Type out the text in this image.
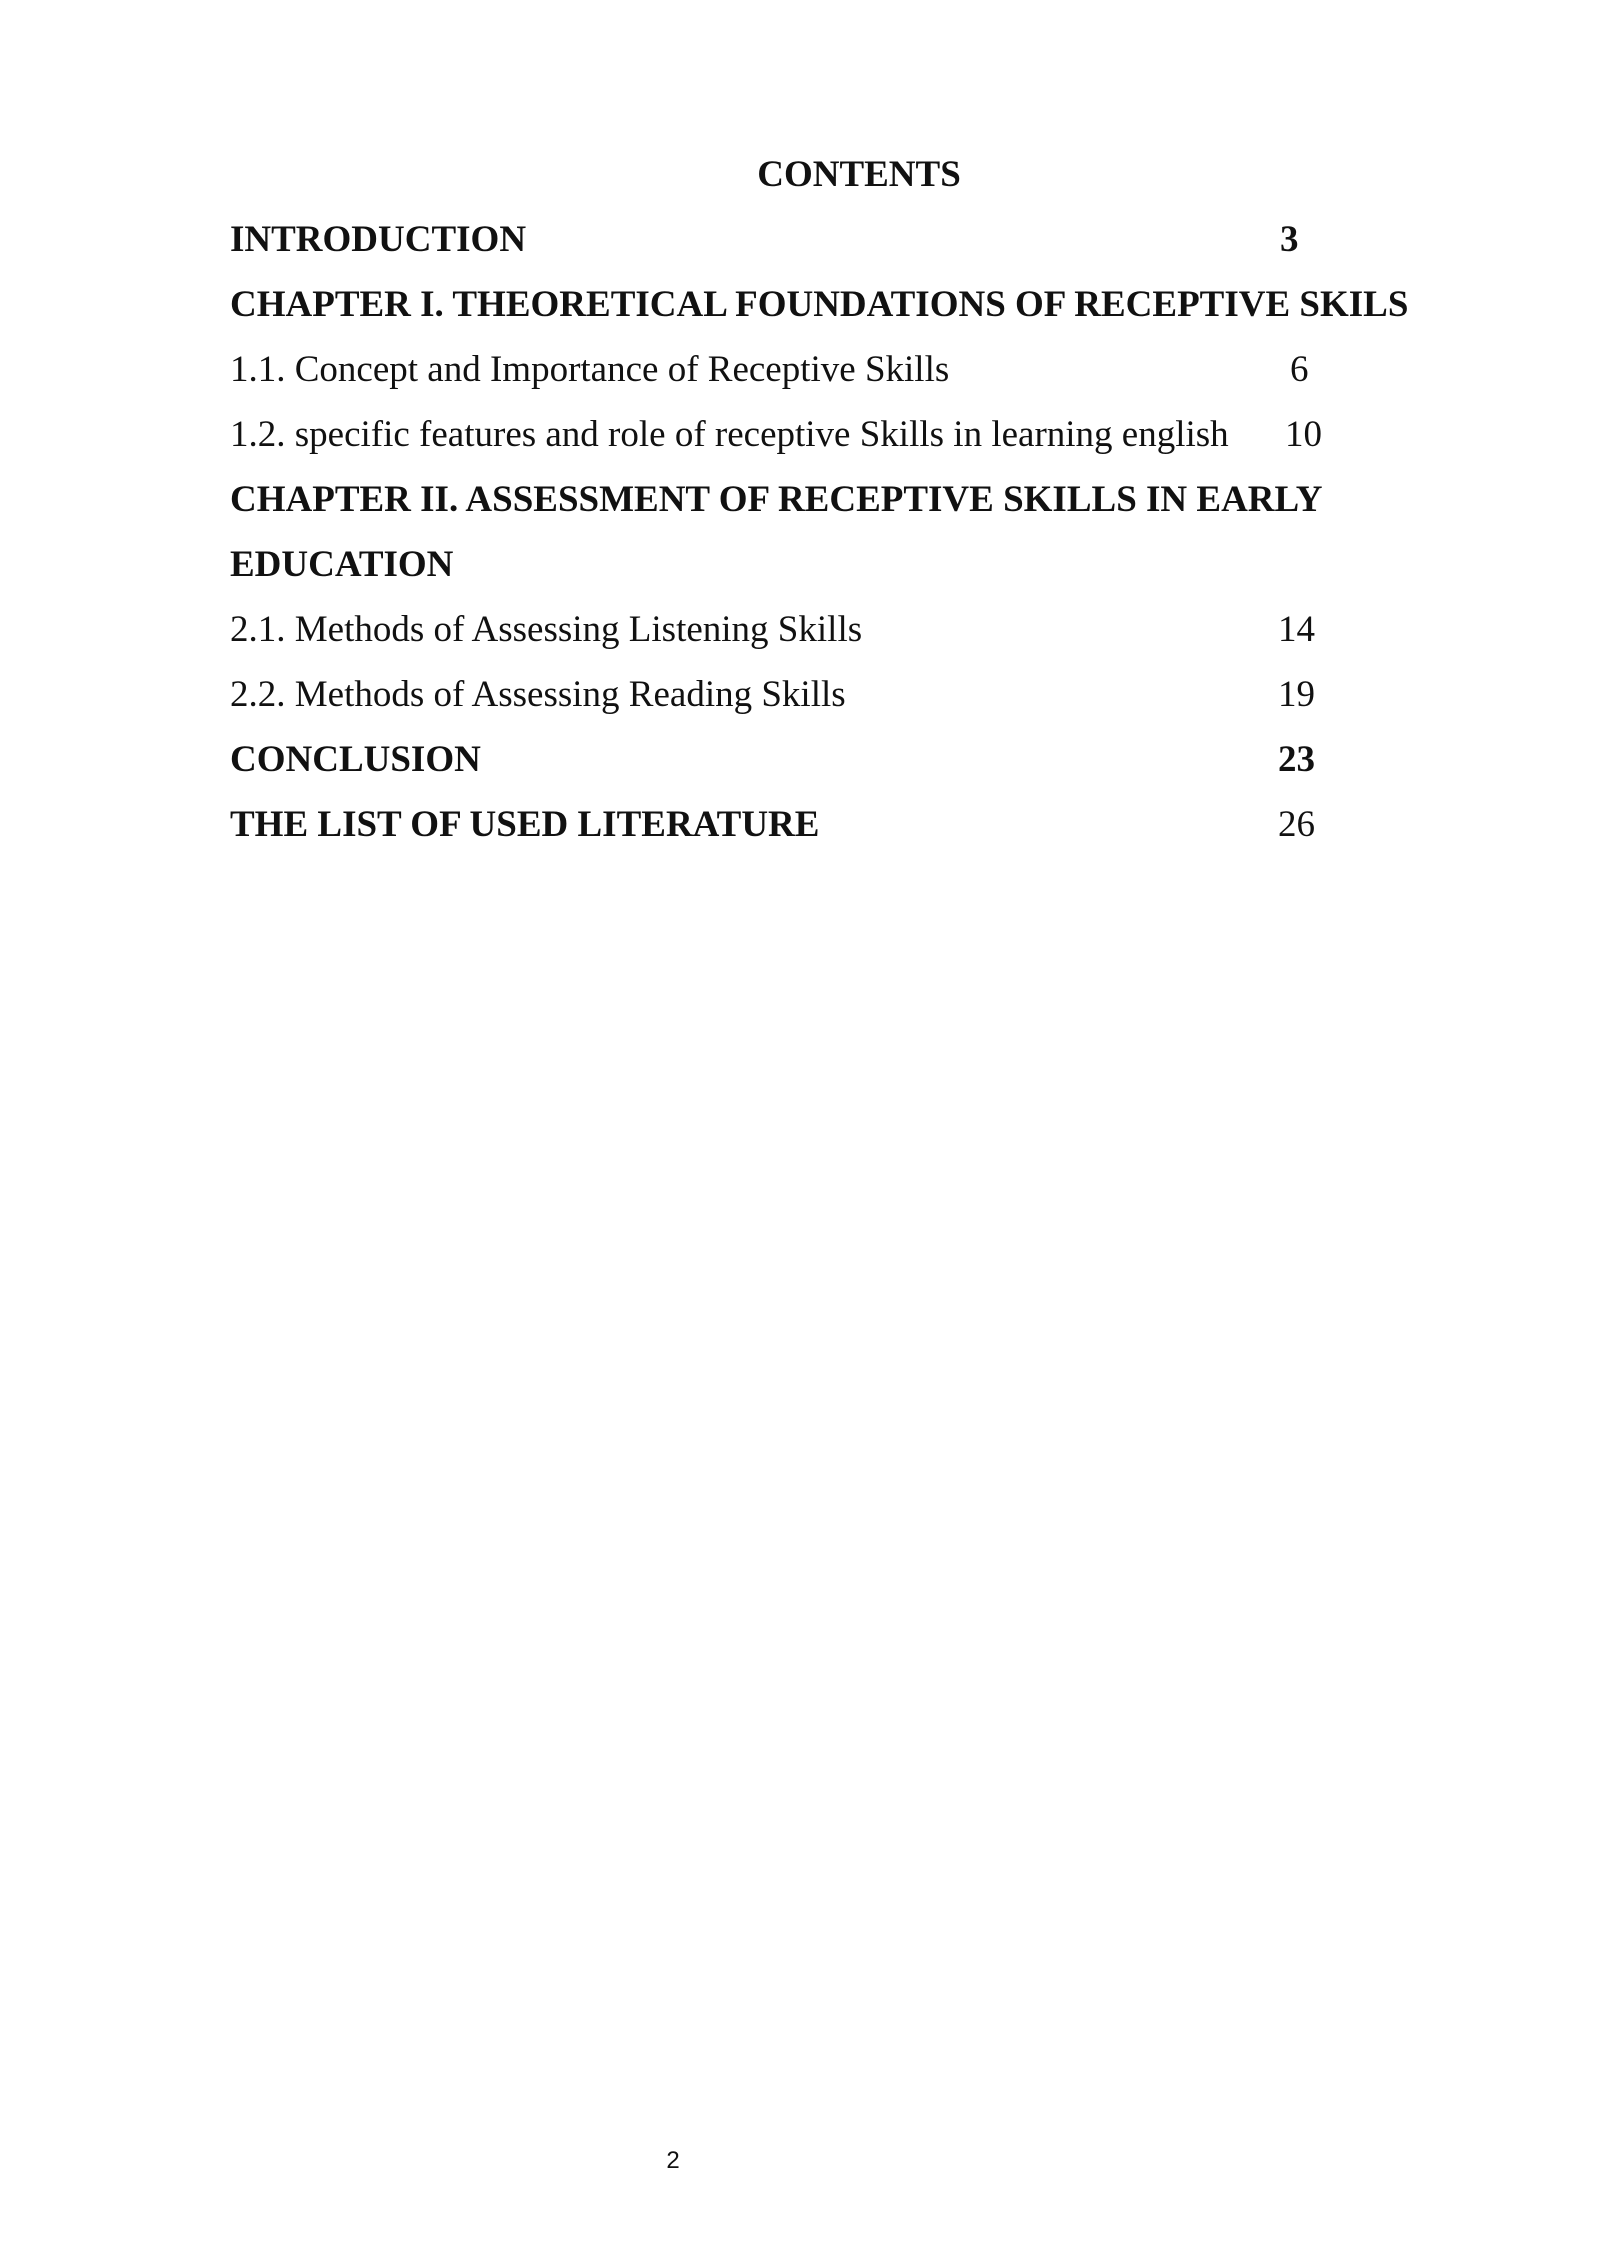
CONTENTS
INTRODUCTION	3
CHAPTER I. THEORETICAL FOUNDATIONS OF RECEPTIVE SKILS
1.1. Concept and Importance of Receptive Skills	6
1.2. specific features and role of receptive Skills in learning english 10
CHAPTER II. ASSESSMENT OF RECEPTIVE SKILLS IN EARLY
EDUCATION
2.1. Methods of Assessing Listening Skills	14
2.2. Methods of Assessing Reading Skills	19
CONCLUSION	23
THE LIST OF USED LITERATURE	26
2
